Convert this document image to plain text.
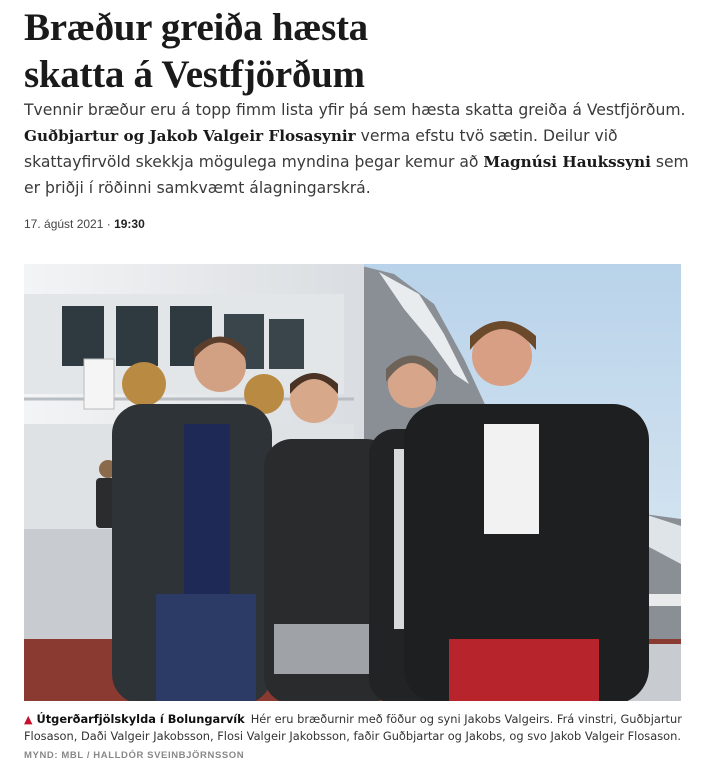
Bræður greiða hæsta
skatta á Vestfjörðum

Tvennir bræður eru á topp fimm lista yfir þá sem hæsta skatta greiða á Vestfjörðum. Guðbjartur og Jakob Valgeir Flosasynir verma efstu tvö sætin. Deilur við skattayfirvöld skekkja mögulega myndina þegar kemur að Magnúsi Haukssyni sem er þriðji í röðinni samkvæmt álagningarskrá.

17. ágúst 2021 · 19:30

▲ Útgerðarfjölskylda í Bolungarvík Hér eru bræðurnir með föður og syni Jakobs Valgeirs. Frá vinstri, Guðbjartur Flosason, Daði Valgeir Jakobsson, Flosi Valgeir Jakobsson, faðir Guðbjartar og Jakobs, og svo Jakob Valgeir Flosason.

MYND: MBL / HALLDÓR SVEINBJÖRNSSON
